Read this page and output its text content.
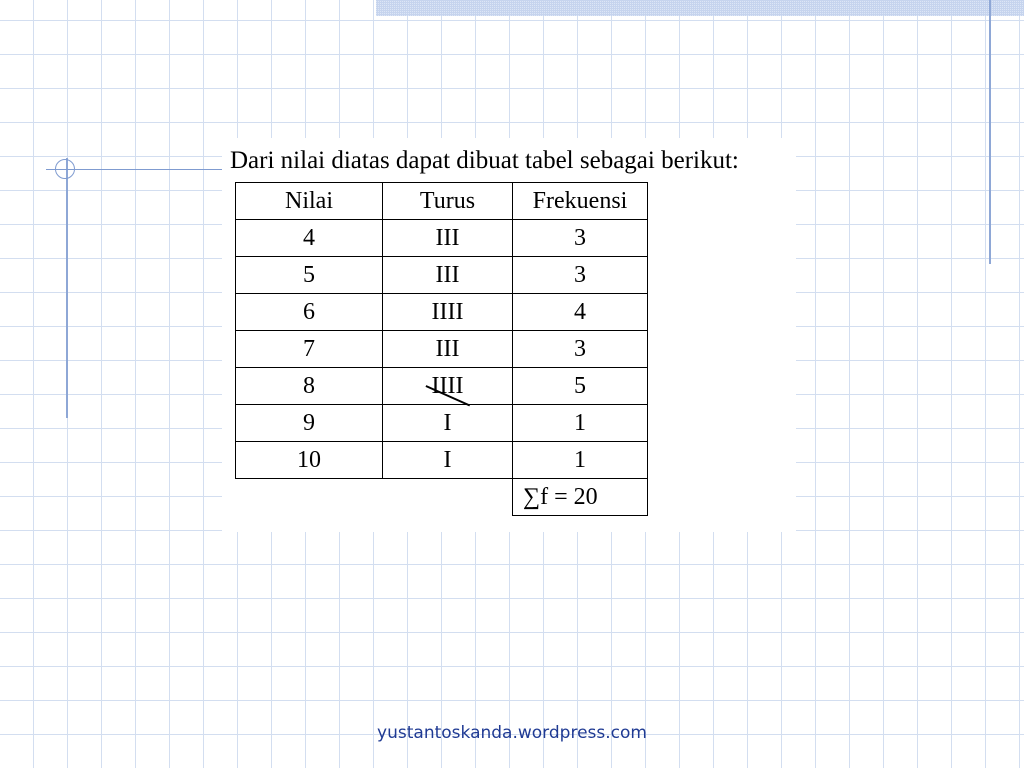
Dari nilai diatas dapat dibuat tabel sebagai berikut:
Nilai	Turus	Frekuensi
4	III	3
5	III	3
6	IIII	4
7	III	3
8	IIII	5
9	I	1
10	I	1
		∑f = 20
yustantoskanda.wordpress.com
